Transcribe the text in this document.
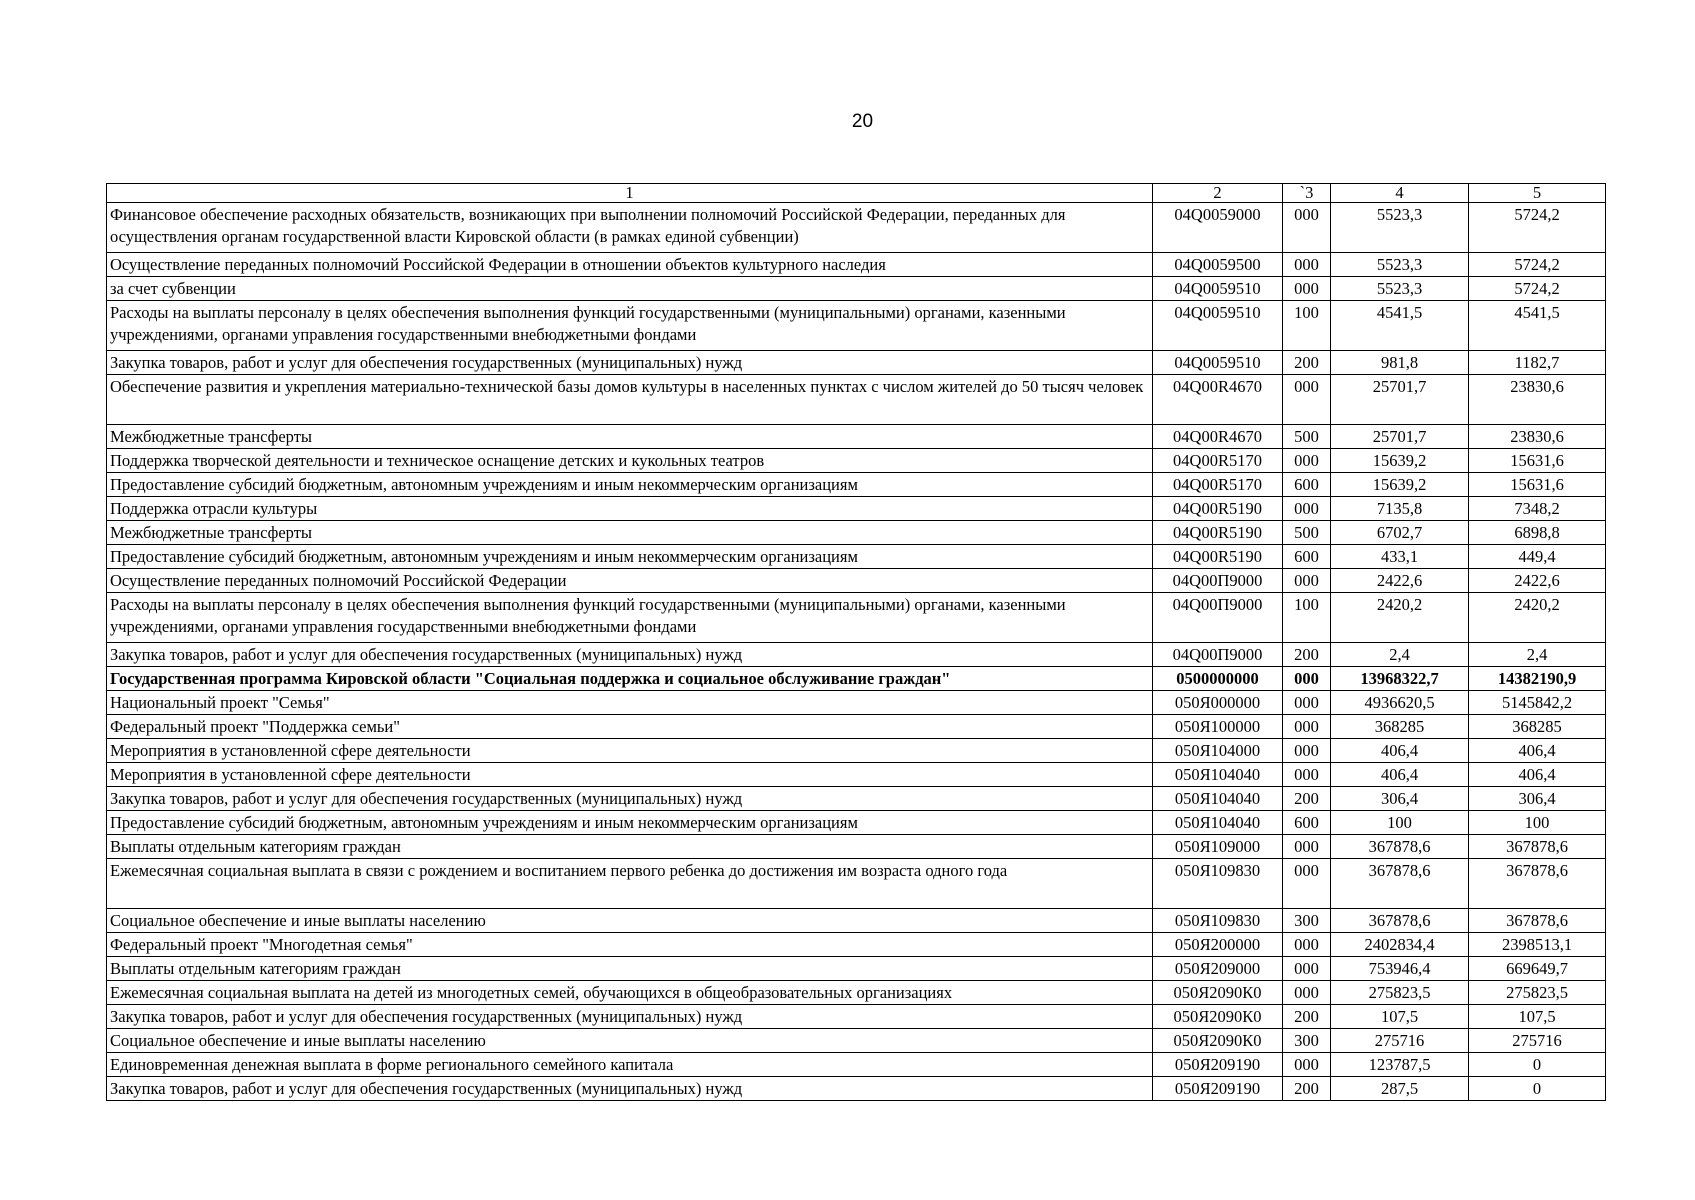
20
1	2	`3	4	5
Финансовое обеспечение расходных обязательств, возникающих при выполнении полномочий Российской Федерации, переданных для осуществления органам государственной власти Кировской области (в рамках единой субвенции)	04Q0059000	000	5523,3	5724,2
Осуществление переданных полномочий Российской Федерации в отношении объектов культурного наследия	04Q0059500	000	5523,3	5724,2
за счет субвенции	04Q0059510	000	5523,3	5724,2
Расходы на выплаты персоналу в целях обеспечения выполнения функций государственными (муниципальными) органами, казенными учреждениями, органами управления государственными внебюджетными фондами	04Q0059510	100	4541,5	4541,5
Закупка товаров, работ и услуг для обеспечения государственных (муниципальных) нужд	04Q0059510	200	981,8	1182,7
Обеспечение развития и укрепления материально-технической базы домов культуры в населенных пунктах с числом жителей до 50 тысяч человек	04Q00R4670	000	25701,7	23830,6
Межбюджетные трансферты	04Q00R4670	500	25701,7	23830,6
Поддержка творческой деятельности и техническое оснащение детских и кукольных театров	04Q00R5170	000	15639,2	15631,6
Предоставление субсидий бюджетным, автономным учреждениям и иным некоммерческим организациям	04Q00R5170	600	15639,2	15631,6
Поддержка отрасли культуры	04Q00R5190	000	7135,8	7348,2
Межбюджетные трансферты	04Q00R5190	500	6702,7	6898,8
Предоставление субсидий бюджетным, автономным учреждениям и иным некоммерческим организациям	04Q00R5190	600	433,1	449,4
Осуществление переданных полномочий Российской Федерации	04Q00П9000	000	2422,6	2422,6
Расходы на выплаты персоналу в целях обеспечения выполнения функций государственными (муниципальными) органами, казенными учреждениями, органами управления государственными внебюджетными фондами	04Q00П9000	100	2420,2	2420,2
Закупка товаров, работ и услуг для обеспечения государственных (муниципальных) нужд	04Q00П9000	200	2,4	2,4
Государственная программа Кировской области "Социальная поддержка и социальное обслуживание граждан"	0500000000	000	13968322,7	14382190,9
Национальный проект "Семья"	050Я000000	000	4936620,5	5145842,2
Федеральный проект "Поддержка семьи"	050Я100000	000	368285	368285
Мероприятия в установленной сфере деятельности	050Я104000	000	406,4	406,4
Мероприятия в установленной сфере деятельности	050Я104040	000	406,4	406,4
Закупка товаров, работ и услуг для обеспечения государственных (муниципальных) нужд	050Я104040	200	306,4	306,4
Предоставление субсидий бюджетным, автономным учреждениям и иным некоммерческим организациям	050Я104040	600	100	100
Выплаты отдельным категориям граждан	050Я109000	000	367878,6	367878,6
Ежемесячная социальная выплата в связи с рождением и воспитанием первого ребенка до достижения им возраста одного года	050Я109830	000	367878,6	367878,6
Социальное обеспечение и иные выплаты населению	050Я109830	300	367878,6	367878,6
Федеральный проект "Многодетная семья"	050Я200000	000	2402834,4	2398513,1
Выплаты отдельным категориям граждан	050Я209000	000	753946,4	669649,7
Ежемесячная социальная выплата на детей из многодетных семей, обучающихся в общеобразовательных организациях	050Я2090К0	000	275823,5	275823,5
Закупка товаров, работ и услуг для обеспечения государственных (муниципальных) нужд	050Я2090К0	200	107,5	107,5
Социальное обеспечение и иные выплаты населению	050Я2090К0	300	275716	275716
Единовременная денежная выплата в форме регионального семейного капитала	050Я209190	000	123787,5	0
Закупка товаров, работ и услуг для обеспечения государственных (муниципальных) нужд	050Я209190	200	287,5	0
